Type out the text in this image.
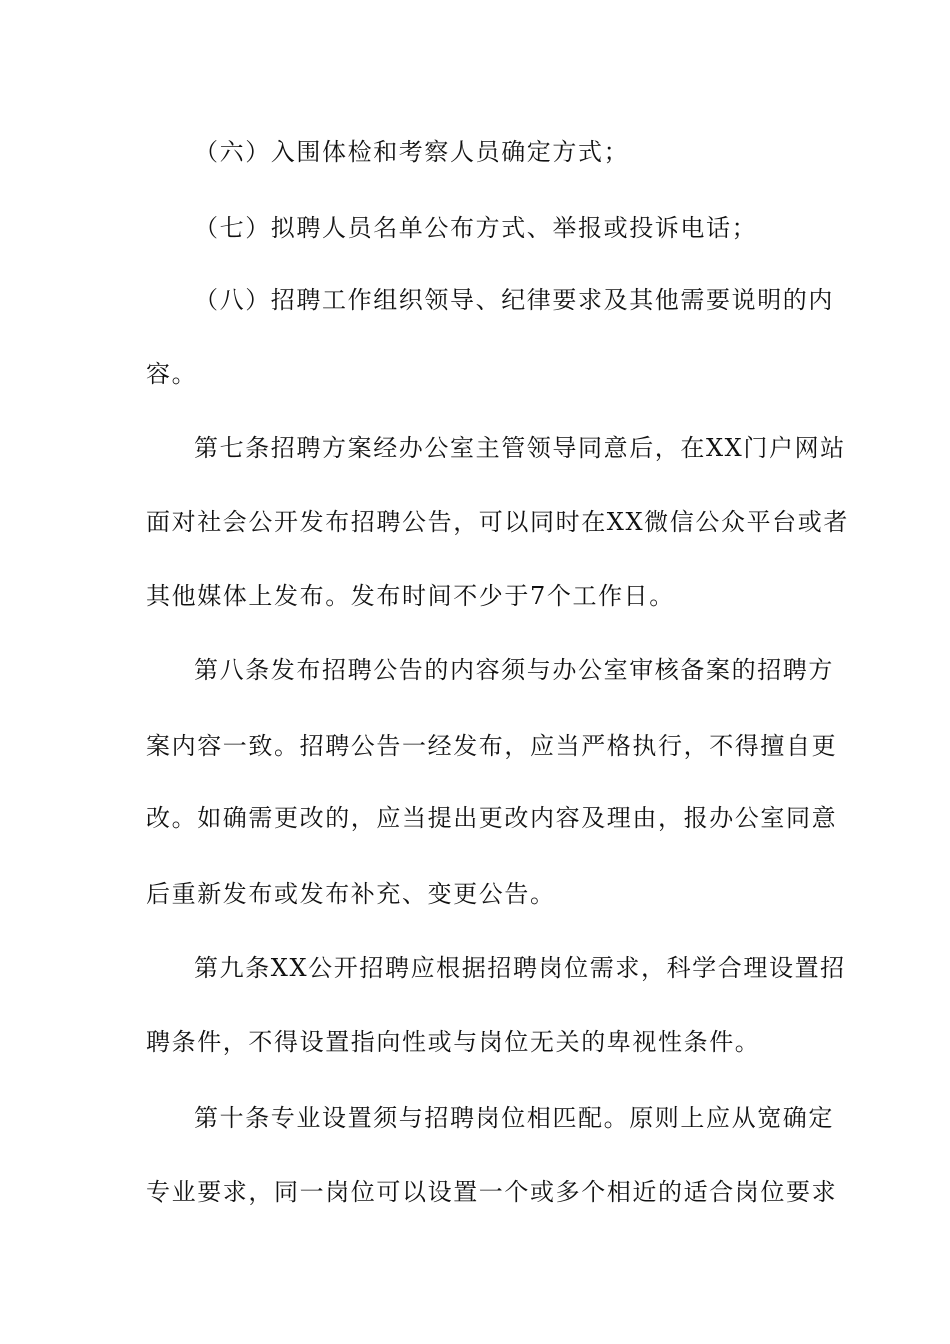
（六）入围体检和考察人员确定方式；
（七）拟聘人员名单公布方式、举报或投诉电话；
（八）招聘工作组织领导、纪律要求及其他需要说明的内
容。
第七条招聘方案经办公室主管领导同意后，在XX门户网站
面对社会公开发布招聘公告，可以同时在XX微信公众平台或者
其他媒体上发布。发布时间不少于7个工作日。
第八条发布招聘公告的内容须与办公室审核备案的招聘方
案内容一致。招聘公告一经发布，应当严格执行，不得擅自更
改。如确需更改的，应当提出更改内容及理由，报办公室同意
后重新发布或发布补充、变更公告。
第九条XX公开招聘应根据招聘岗位需求，科学合理设置招
聘条件，不得设置指向性或与岗位无关的卑视性条件。
第十条专业设置须与招聘岗位相匹配。原则上应从宽确定
专业要求，同一岗位可以设置一个或多个相近的适合岗位要求
